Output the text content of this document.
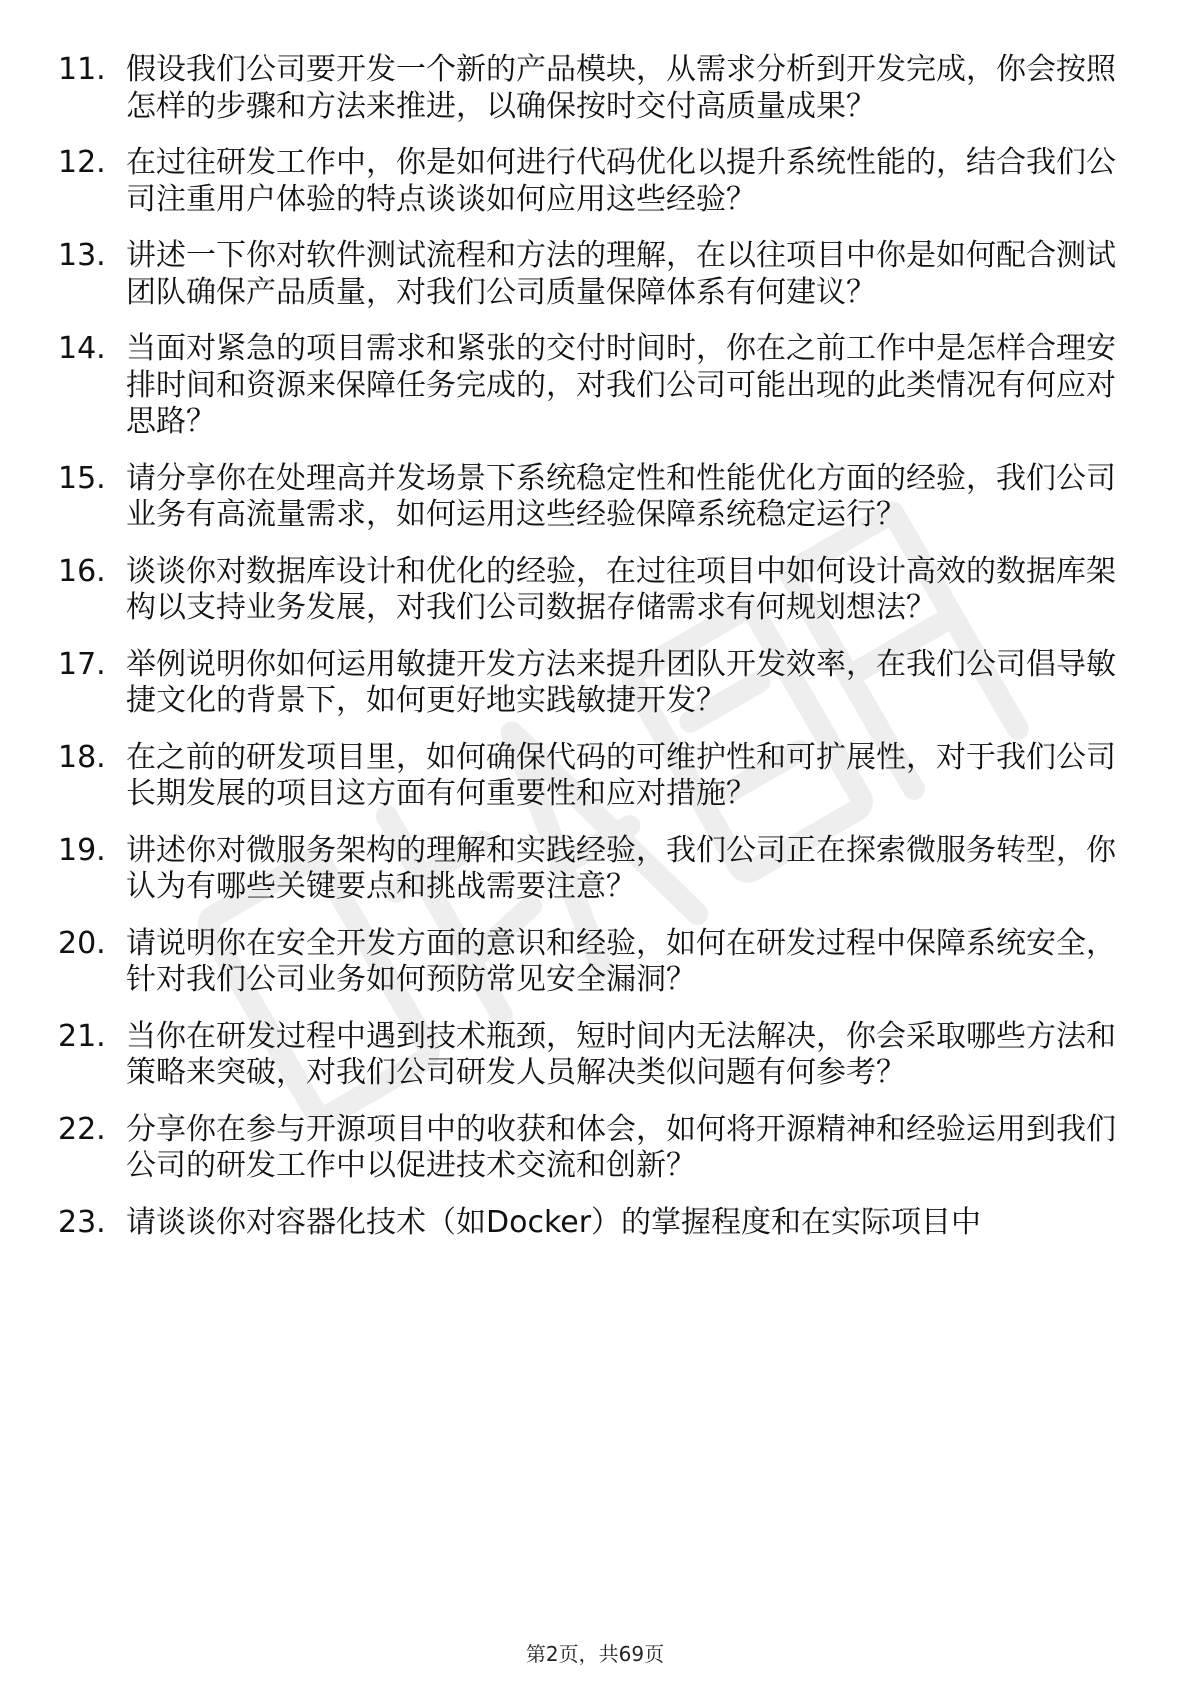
11. 假设我们公司要开发一个新的产品模块，从需求分析到开发完成，你会按照怎样的步骤和方法来推进，以确保按时交付高质量成果？
12. 在过往研发工作中，你是如何进行代码优化以提升系统性能的，结合我们公司注重用户体验的特点谈谈如何应用这些经验？
13. 讲述一下你对软件测试流程和方法的理解，在以往项目中你是如何配合测试团队确保产品质量，对我们公司质量保障体系有何建议？
14. 当面对紧急的项目需求和紧张的交付时间时，你在之前工作中是怎样合理安排时间和资源来保障任务完成的，对我们公司可能出现的此类情况有何应对思路？
15. 请分享你在处理高并发场景下系统稳定性和性能优化方面的经验，我们公司业务有高流量需求，如何运用这些经验保障系统稳定运行？
16. 谈谈你对数据库设计和优化的经验，在过往项目中如何设计高效的数据库架构以支持业务发展，对我们公司数据存储需求有何规划想法？
17. 举例说明你如何运用敏捷开发方法来提升团队开发效率，在我们公司倡导敏捷文化的背景下，如何更好地实践敏捷开发？
18. 在之前的研发项目里，如何确保代码的可维护性和可扩展性，对于我们公司长期发展的项目这方面有何重要性和应对措施？
19. 讲述你对微服务架构的理解和实践经验，我们公司正在探索微服务转型，你认为有哪些关键要点和挑战需要注意？
20. 请说明你在安全开发方面的意识和经验，如何在研发过程中保障系统安全，针对我们公司业务如何预防常见安全漏洞？
21. 当你在研发过程中遇到技术瓶颈，短时间内无法解决，你会采取哪些方法和策略来突破，对我们公司研发人员解决类似问题有何参考？
22. 分享你在参与开源项目中的收获和体会，如何将开源精神和经验运用到我们公司的研发工作中以促进技术交流和创新？
23. 请谈谈你对容器化技术（如Docker）的掌握程度和在实际项目中
第2页，共69页
